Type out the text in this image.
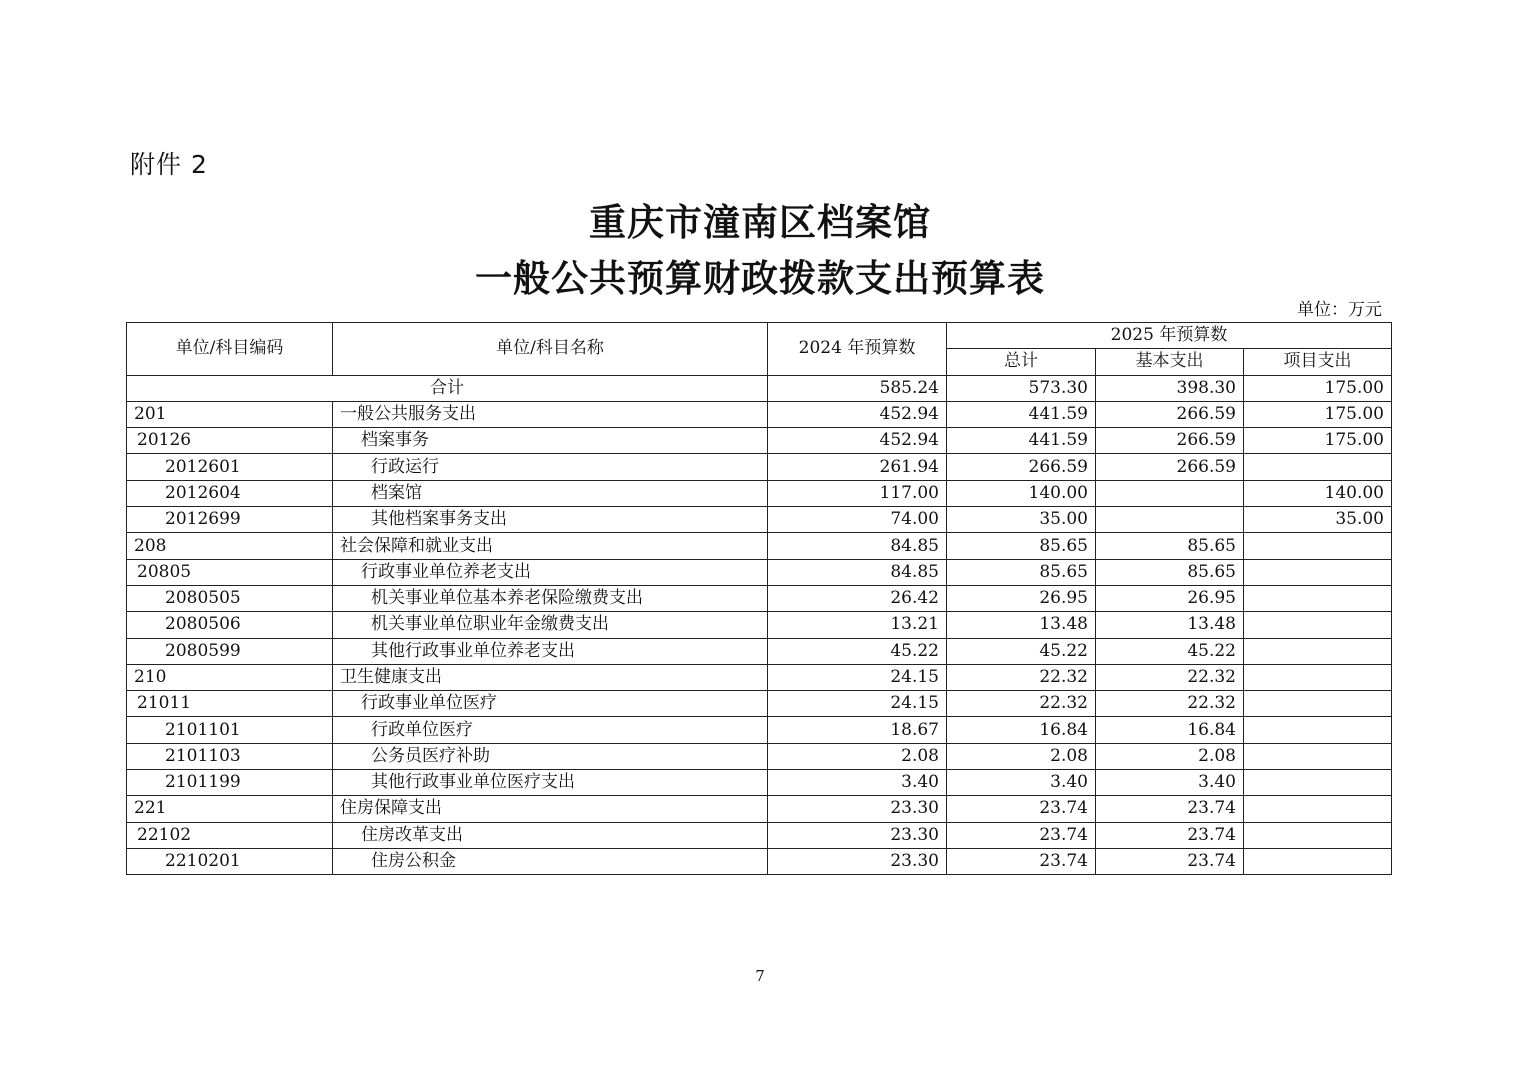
附件 2
重庆市潼南区档案馆
一般公共预算财政拨款支出预算表
单位：万元
单位/科目编码	单位/科目名称	2024 年预算数	2025 年预算数		
			总计	基本支出	项目支出
合计		585.24	573.30	398.30	175.00
201	一般公共服务支出	452.94	441.59	266.59	175.00
20126	档案事务	452.94	441.59	266.59	175.00
2012601	行政运行	261.94	266.59	266.59	
2012604	档案馆	117.00	140.00		140.00
2012699	其他档案事务支出	74.00	35.00		35.00
208	社会保障和就业支出	84.85	85.65	85.65	
20805	行政事业单位养老支出	84.85	85.65	85.65	
2080505	机关事业单位基本养老保险缴费支出	26.42	26.95	26.95	
2080506	机关事业单位职业年金缴费支出	13.21	13.48	13.48	
2080599	其他行政事业单位养老支出	45.22	45.22	45.22	
210	卫生健康支出	24.15	22.32	22.32	
21011	行政事业单位医疗	24.15	22.32	22.32	
2101101	行政单位医疗	18.67	16.84	16.84	
2101103	公务员医疗补助	2.08	2.08	2.08	
2101199	其他行政事业单位医疗支出	3.40	3.40	3.40	
221	住房保障支出	23.30	23.74	23.74	
22102	住房改革支出	23.30	23.74	23.74	
2210201	住房公积金	23.30	23.74	23.74	
7
